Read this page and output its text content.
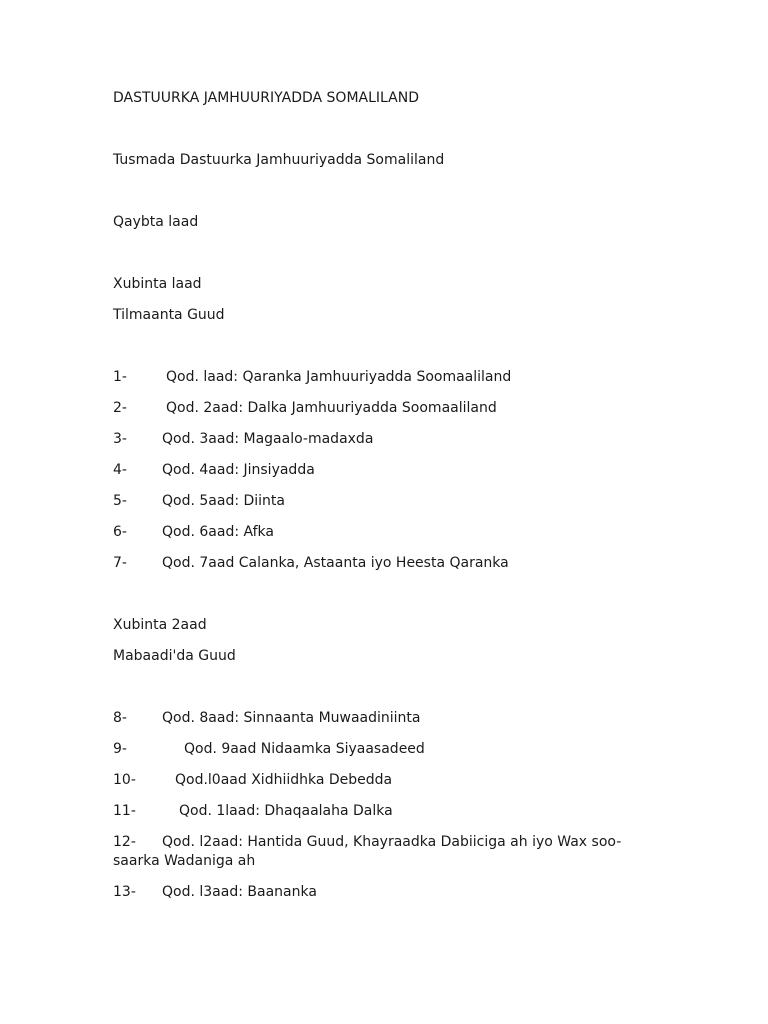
DASTUURKA JAMHUURIYADDA SOMALILAND
Tusmada Dastuurka Jamhuuriyadda Somaliland
Qaybta laad
Xubinta laad
Tilmaanta Guud
1-	Qod. laad: Qaranka Jamhuuriyadda Soomaaliland
2-	Qod. 2aad: Dalka Jamhuuriyadda Soomaaliland
3-	Qod. 3aad: Magaalo-madaxda
4-	Qod. 4aad: Jinsiyadda
5-	Qod. 5aad: Diinta
6-	Qod. 6aad: Afka
7-	Qod. 7aad Calanka, Astaanta iyo Heesta Qaranka
Xubinta 2aad
Mabaadi'da Guud
8-	Qod. 8aad: Sinnaanta Muwaadiniinta
9-	Qod. 9aad Nidaamka Siyaasadeed
10-	Qod.l0aad Xidhiidhka Debedda
11-	Qod. 1laad: Dhaqaalaha Dalka
12- Qod. l2aad: Hantida Guud, Khayraadka Dabiiciga ah iyo Wax soo-
saarka Wadaniga ah
13- Qod. l3aad: Baananka
